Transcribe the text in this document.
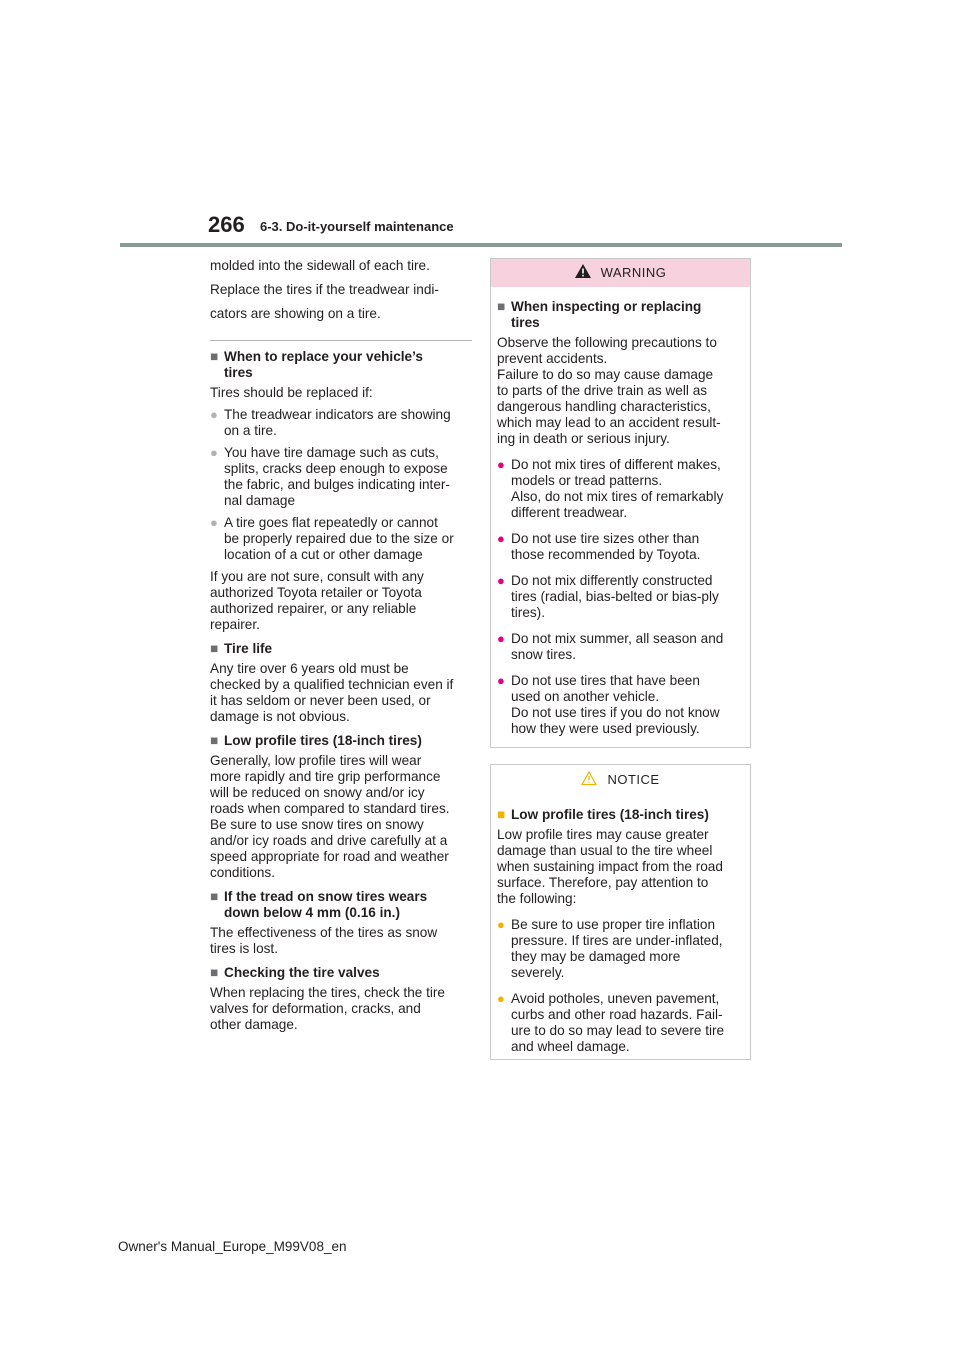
266 6-3. Do-it-yourself maintenance

molded into the sidewall of each tire.

Replace the tires if the treadwear indi-

cators are showing on a tire.

■ When to replace your vehicle’s
tires

Tires should be replaced if:

● The treadwear indicators are showing
on a tire.
● You have tire damage such as cuts,
splits, cracks deep enough to expose
the fabric, and bulges indicating inter-
nal damage
● A tire goes flat repeatedly or cannot
be properly repaired due to the size or
location of a cut or other damage

If you are not sure, consult with any
authorized Toyota retailer or Toyota
authorized repairer, or any reliable
repairer.

■ Tire life

Any tire over 6 years old must be
checked by a qualified technician even if
it has seldom or never been used, or
damage is not obvious.

■ Low profile tires (18-inch tires)

Generally, low profile tires will wear
more rapidly and tire grip performance
will be reduced on snowy and/or icy
roads when compared to standard tires.
Be sure to use snow tires on snowy
and/or icy roads and drive carefully at a
speed appropriate for road and weather
conditions.

■ If the tread on snow tires wears
down below 4 mm (0.16 in.)

The effectiveness of the tires as snow
tires is lost.

■ Checking the tire valves

When replacing the tires, check the tire
valves for deformation, cracks, and
other damage.

WARNING
■ When inspecting or replacing
tires

Observe the following precautions to
prevent accidents.
Failure to do so may cause damage
to parts of the drive train as well as
dangerous handling characteristics,
which may lead to an accident result-
ing in death or serious injury.

● Do not mix tires of different makes,
models or tread patterns.
Also, do not mix tires of remarkably
different treadwear.
● Do not use tire sizes other than
those recommended by Toyota.
● Do not mix differently constructed
tires (radial, bias-belted or bias-ply
tires).
● Do not mix summer, all season and
snow tires.
● Do not use tires that have been
used on another vehicle.
Do not use tires if you do not know
how they were used previously.
NOTICE
■ Low profile tires (18-inch tires)

Low profile tires may cause greater
damage than usual to the tire wheel
when sustaining impact from the road
surface. Therefore, pay attention to
the following:

● Be sure to use proper tire inflation
pressure. If tires are under-inflated,
they may be damaged more
severely.
● Avoid potholes, uneven pavement,
curbs and other road hazards. Fail-
ure to do so may lead to severe tire
and wheel damage.
Owner's Manual_Europe_M99V08_en
